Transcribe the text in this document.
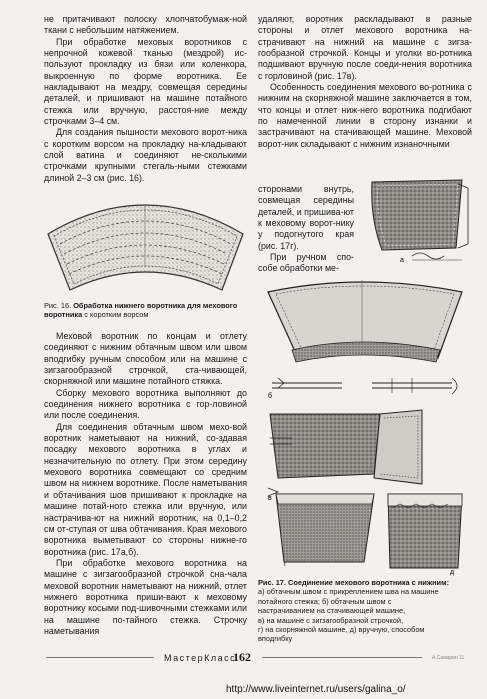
не притачивают полоску хлопчатобумаж-ной ткани с небольшим натяжением.

При обработке меховых воротников с непрочной кожевой тканью (мездрой) ис-пользуют прокладку из бязи или коленкора, выкроенную по форме воротника. Ее накладывают на мездру, совмещая середины деталей, и пришивают на машине потайного стежка или вручную, расстоя-ние между строчками 3–4 см.

Для создания пышности мехового ворот-ника с коротким ворсом на прокладку на-кладывают слой ватина и соединяют не-сколькими строчками крупными стегаль-ными стежками длиной 2–3 см (рис. 16).

Рис. 16. Обработка нижнего воротника для мехового воротника с коротким ворсом

Меховой воротник по концам и отлету соединяют с нижним обтачным швом или швом вподгибку ручным способом или на машине с зигзагообразной строчкой, ста-чивающей, скорняжной или машине потайного стяжка.

Сборку мехового воротника выполняют до соединения нижнего воротника с гор-ловиной или после соединения.

Для соединения обтачным швом мехо-вой воротник наметывают на нижний, со-здавая посадку мехового воротника в углах и незначительную по отлету. При этом середину мехового воротника совмещают со средним швом на нижнем воротнике. После наметывания и обтачивания шов пришивают к прокладке на машине потай-ного стежка или вручную, или настрачива-ют на нижний воротник, на 0,1–0,2 см от-ступая от шва обтачивания. Края мехового воротника выметывают со стороны нижне-го воротника (рис. 17а,б).

При обработке мехового воротника на машине с зигзагообразной строчкой сна-чала меховой воротник наметывают на нижний, отлет нижнего воротника приши-вают к меховому воротнику косыми под-шивочными стежками или на машине по-тайного стежка. Строчку наметывания

удаляют, воротник раскладывают в разные стороны и отлет мехового воротника на-страчивают на нижний на машине с зигза-гообразной строчкой. Концы и уголки во-ротника подшивают вручную после соеди-нения воротника с горловиной (рис. 17в).

Особенность соединения мехового во-ротника с нижним на скорняжной машине заключается в том, что концы и отлет ниж-него воротника подгибают по намеченной линии в сторону изнанки и застрачивают на стачивающей машине. Меховой ворот-ник складывают с нижним изнаночными

сторонами внутрь, совмещая середины деталей, и пришива-ют к меховому ворот-нику у подогнутого края (рис. 17г).

При ручном спо-собе обработки ме-

а
б
в
г
д
Рис. 17. Соединение мехового воротника с нижним:
а) обтачным швом с прикреплением шва на машине
потайного стежка; б) обтачным швом с
настрачиванием на стачивающей машине,
в) на машине с зигзагообразной строчкой,
г) на скорняжной машине, д) вручную, способом
вподгибку
МастерКласс
162	А.Самарин 11
http://www.liveinternet.ru/users/galina_o/
